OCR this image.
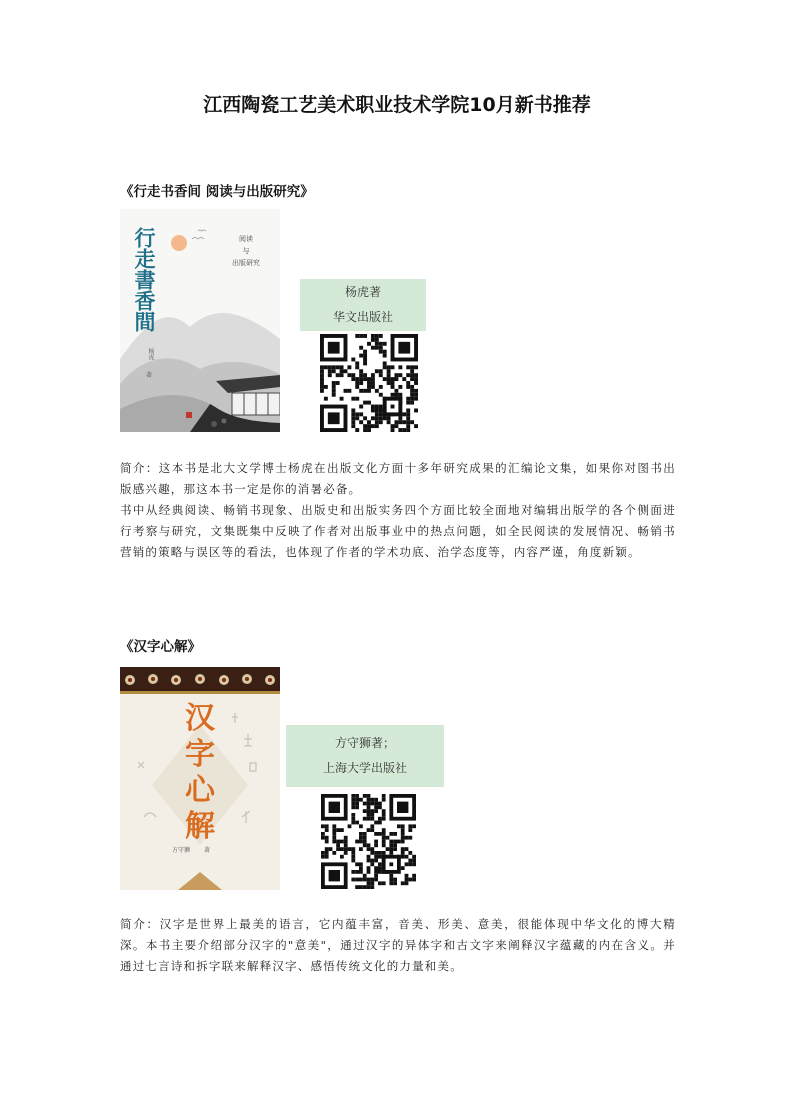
江西陶瓷工艺美术职业技术学院10月新书推荐
《行走书香间 阅读与出版研究》
行走書香間	阅读
与
出版研究
杨虎
著
杨虎著
华文出版社

简介：这本书是北大文学博士杨虎在出版文化方面十多年研究成果的汇编论文集，如果你对图书出版感兴趣，那这本书一定是你的消暑必备。

书中从经典阅读、畅销书现象、出版史和出版实务四个方面比较全面地对编辑出版学的各个侧面进行考察与研究，文集既集中反映了作者对出版事业中的热点问题，如全民阅读的发展情况、畅销书营销的策略与误区等的看法，也体现了作者的学术功底、治学态度等，内容严谨，角度新颖。

《汉字心解》
汉
字
心
解
方守狮 著
方守狮著；
上海大学出版社

简介：汉字是世界上最美的语言，它内蕴丰富，音美、形美、意美，很能体现中华文化的博大精深。本书主要介绍部分汉字的"意美"，通过汉字的异体字和古文字来阐释汉字蕴藏的内在含义。并通过七言诗和拆字联来解释汉字、感悟传统文化的力量和美。
